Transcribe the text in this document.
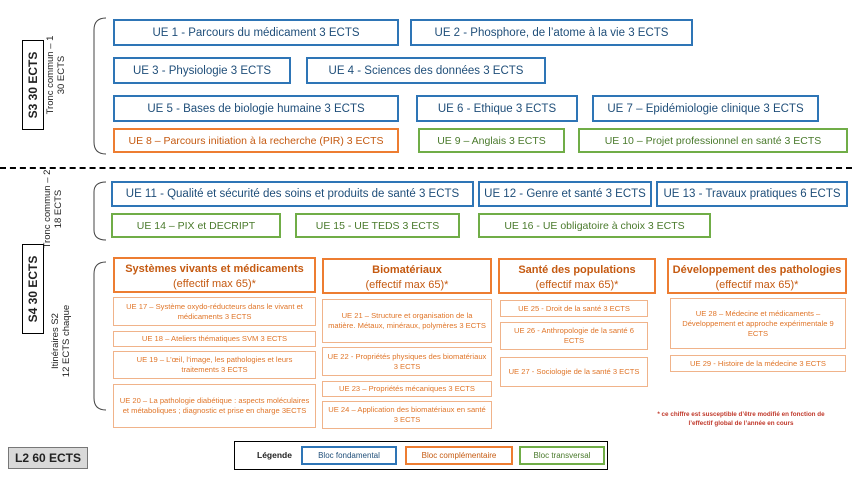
S3 30 ECTS Tronc commun – 1
30 ECTS
UE 1 - Parcours du médicament 3 ECTS	UE 2 - Phosphore, de l’atome à la vie 3 ECTS
UE 3 - Physiologie 3 ECTS	UE 4 - Sciences des données 3 ECTS
UE 5 - Bases de biologie humaine 3 ECTS	UE 6 - Ethique 3 ECTS	UE 7 – Epidémiologie clinique 3 ECTS
UE 8 – Parcours initiation à la recherche (PIR) 3 ECTS	UE 9 – Anglais 3 ECTS	UE 10 – Projet professionnel en santé 3 ECTS
S4 30 ECTS
Tronc commun – 2
18 ECTS	UE 11 - Qualité et sécurité des soins et produits de santé 3 ECTS UE 12 - Genre et santé 3 ECTS UE 13 - Travaux pratiques 6 ECTS
UE 14 – PIX et DECRIPT	UE 15 - UE TEDS 3 ECTS	UE 16 - UE obligatoire à choix 3 ECTS
Itinéraires S2
12 ECTS chaque
Systèmes vivants et médicaments
(effectif max 65)*
UE 17 – Système oxydo-réducteurs dans le vivant et médicaments 3 ECTS
UE 18 – Ateliers thématiques SVM 3 ECTS
UE 19 – L’œil, l’image, les pathologies et leurs traitements 3 ECTS
UE 20 – La pathologie diabétique : aspects moléculaires et métaboliques ; diagnostic et prise en charge 3ECTS
Biomatériaux
(effectif max 65)*
UE 21 – Structure et organisation de la matière. Métaux, minéraux, polymères 3 ECTS
UE 22 - Propriétés physiques des biomatériaux 3 ECTS
UE 23 – Propriétés mécaniques 3 ECTS
UE 24 – Application des biomatériaux en santé 3 ECTS
Santé des populations
(effectif max 65)*
UE 25 - Droit de la santé 3 ECTS
UE 26 - Anthropologie de la santé 6 ECTS
UE 27 - Sociologie de la santé 3 ECTS
Développement des pathologies
(effectif max 65)*
UE 28 – Médecine et médicaments – Développement et approche expérimentale 9 ECTS
UE 29 - Histoire de la médecine 3 ECTS
* ce chiffre est susceptible d’être modifié en fonction de l’effectif global de l’année en cours
L2 60 ECTS	Légende	Bloc fondamental	Bloc complémentaire	Bloc transversal
